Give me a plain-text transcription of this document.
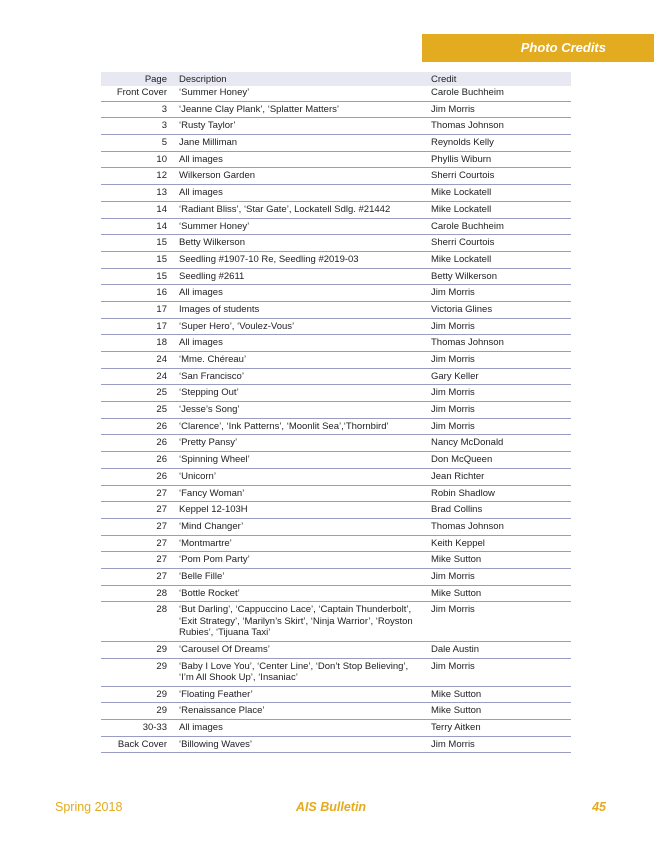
Photo Credits
Page	Description	Credit
Front Cover	‘Summer Honey’	Carole Buchheim
3	‘Jeanne Clay Plank’, ‘Splatter Matters’	Jim Morris
3	‘Rusty Taylor’	Thomas Johnson
5	Jane Milliman	Reynolds Kelly
10	All images	Phyllis Wiburn
12	Wilkerson Garden	Sherri Courtois
13	All images	Mike Lockatell
14	‘Radiant Bliss’, ‘Star Gate’, Lockatell Sdlg. #21442	Mike Lockatell
14	‘Summer Honey’	Carole Buchheim
15	Betty Wilkerson	Sherri Courtois
15	Seedling #1907-10 Re, Seedling #2019-03	Mike Lockatell
15	Seedling #2611	Betty Wilkerson
16	All images	Jim Morris
17	Images of students	Victoria Glines
17	‘Super Hero’, ‘Voulez-Vous’	Jim Morris
18	All images	Thomas Johnson
24	‘Mme. Chéreau’	Jim Morris
24	‘San Francisco’	Gary Keller
25	‘Stepping Out’	Jim Morris
25	‘Jesse’s Song’	Jim Morris
26	‘Clarence’, ‘Ink Patterns’, ‘Moonlit Sea’,‘Thornbird’	Jim Morris
26	‘Pretty Pansy’	Nancy McDonald
26	‘Spinning Wheel’	Don McQueen
26	‘Unicorn’	Jean Richter
27	‘Fancy Woman’	Robin Shadlow
27	Keppel 12-103H	Brad Collins
27	‘Mind Changer’	Thomas Johnson
27	‘Montmartre’	Keith Keppel
27	‘Pom Pom Party’	Mike Sutton
27	‘Belle Fille’	Jim Morris
28	‘Bottle Rocket’	Mike Sutton
28	‘But Darling’, ‘Cappuccino Lace’, ‘Captain Thunderbolt’, ‘Exit Strategy’, ‘Marilyn’s Skirt’, ‘Ninja Warrior’, ‘Royston Rubies’, ‘Tijuana Taxi’	Jim Morris
29	‘Carousel Of Dreams’	Dale Austin
29	‘Baby I Love You’, ‘Center Line’, ‘Don’t Stop Believing’, ‘I’m All Shook Up’, ‘Insaniac’	Jim Morris
29	‘Floating Feather’	Mike Sutton
29	‘Renaissance Place’	Mike Sutton
30-33	All images	Terry Aitken
Back Cover	‘Billowing Waves’	Jim Morris
Spring 2018	AIS Bulletin	45
